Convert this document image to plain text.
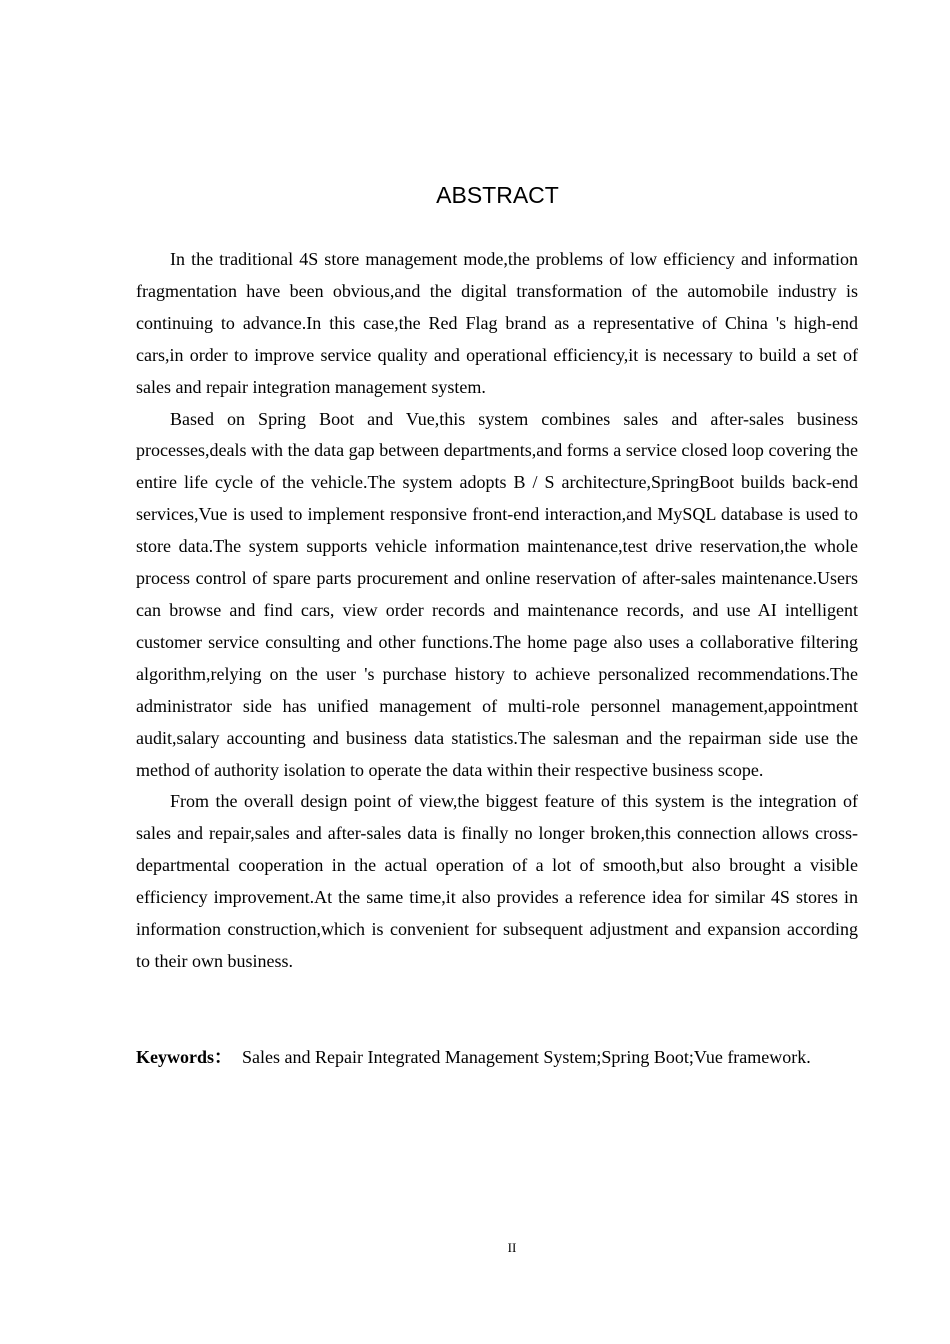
ABSTRACT

In the traditional 4S store management mode,the problems of low efficiency and information fragmentation have been obvious,and the digital transformation of the automobile industry is continuing to advance.In this case,the Red Flag brand as a representative of China 's high-end cars,in order to improve service quality and operational efficiency,it is necessary to build a set of sales and repair integration management system.

Based on Spring Boot and Vue,this system combines sales and after-sales business processes,deals with the data gap between departments,and forms a service closed loop covering the entire life cycle of the vehicle.The system adopts B / S architecture,SpringBoot builds back-end services,Vue is used to implement responsive front-end interaction,and MySQL database is used to store data.The system supports vehicle information maintenance,test drive reservation,the whole process control of spare parts procurement and online reservation of after-sales maintenance.Users can browse and find cars, view order records and maintenance records, and use AI intelligent customer service consulting and other functions.The home page also uses a collaborative filtering algorithm,relying on the user 's purchase history to achieve personalized recommendations.The administrator side has unified management of multi-role personnel management,appointment audit,salary accounting and business data statistics.The salesman and the repairman side use the method of authority isolation to operate the data within their respective business scope.

From the overall design point of view,the biggest feature of this system is the integration of sales and repair,sales and after-sales data is finally no longer broken,this connection allows cross-departmental cooperation in the actual operation of a lot of smooth,but also brought a visible efficiency improvement.At the same time,it also provides a reference idea for similar 4S stores in information construction,which is convenient for subsequent adjustment and expansion according to their own business.

Keywords： Sales and Repair Integrated Management System;Spring Boot;Vue framework.
II
